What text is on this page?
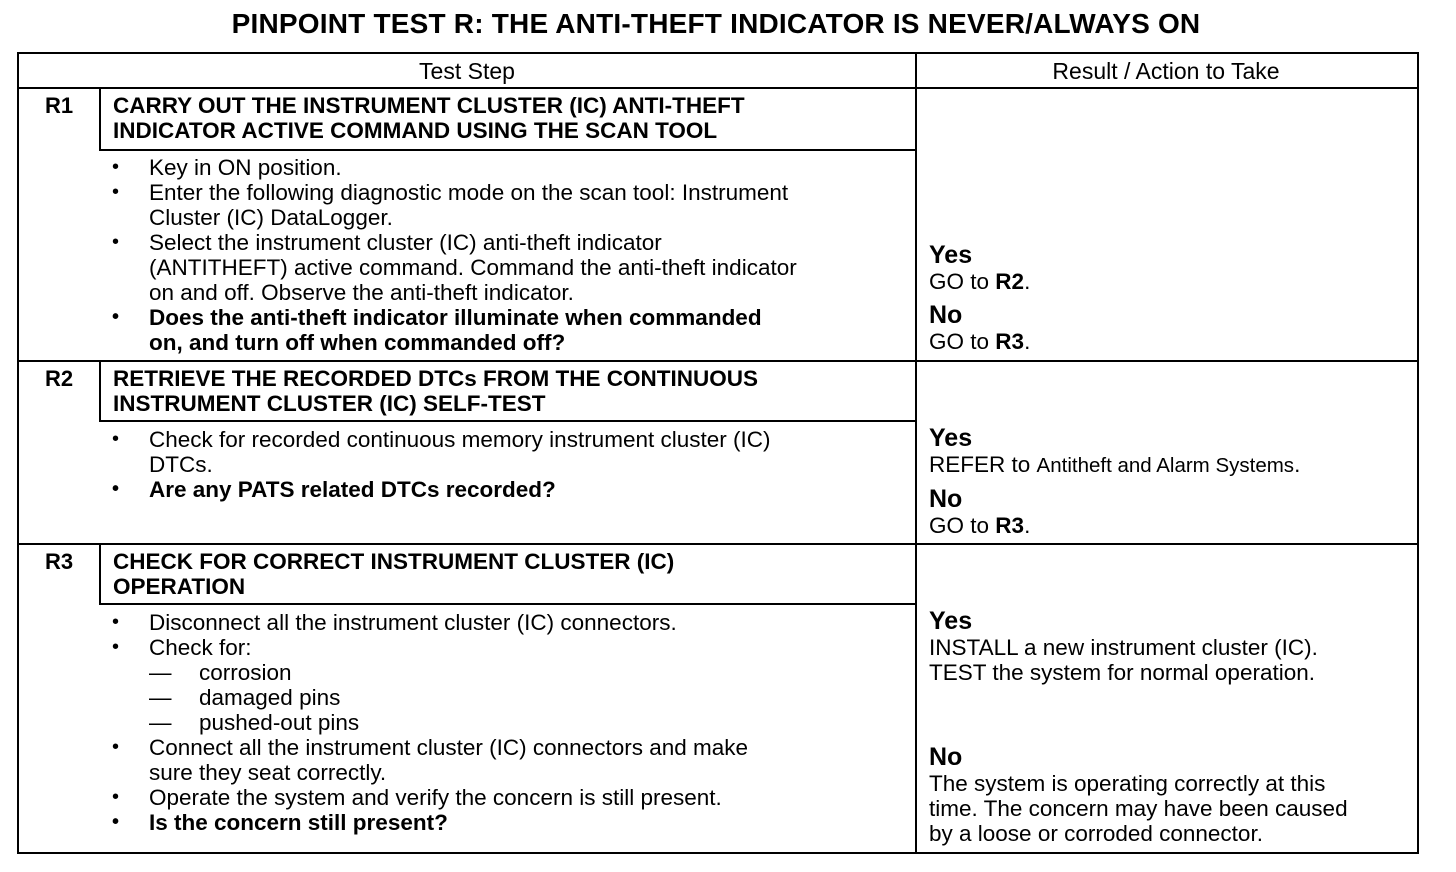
PINPOINT TEST R: THE ANTI-THEFT INDICATOR IS NEVER/ALWAYS ON
Test Step	Result / Action to Take
R1	CARRY OUT THE INSTRUMENT CLUSTER (IC) ANTI-THEFT
INDICATOR ACTIVE COMMAND USING THE SCAN TOOL
• Key in ON position.
• Enter the following diagnostic mode on the scan tool: Instrument
Cluster (IC) DataLogger.
• Select the instrument cluster (IC) anti-theft indicator
(ANTITHEFT) active command. Command the anti-theft indicator
on and off. Observe the anti-theft indicator.
• Does the anti-theft indicator illuminate when commanded
on, and turn off when commanded off?
Yes
GO to R2.
No
GO to R3.
R2	RETRIEVE THE RECORDED DTCs FROM THE CONTINUOUS
INSTRUMENT CLUSTER (IC) SELF-TEST
• Check for recorded continuous memory instrument cluster (IC)
DTCs.
• Are any PATS related DTCs recorded?
Yes
REFER to Antitheft and Alarm Systems.
No
GO to R3.
R3	CHECK FOR CORRECT INSTRUMENT CLUSTER (IC)
OPERATION
• Disconnect all the instrument cluster (IC) connectors.
• Check for:
— corrosion
— damaged pins
— pushed-out pins
• Connect all the instrument cluster (IC) connectors and make
sure they seat correctly.
• Operate the system and verify the concern is still present.
• Is the concern still present?
Yes
INSTALL a new instrument cluster (IC).
TEST the system for normal operation.
No
The system is operating correctly at this
time. The concern may have been caused
by a loose or corroded connector.
